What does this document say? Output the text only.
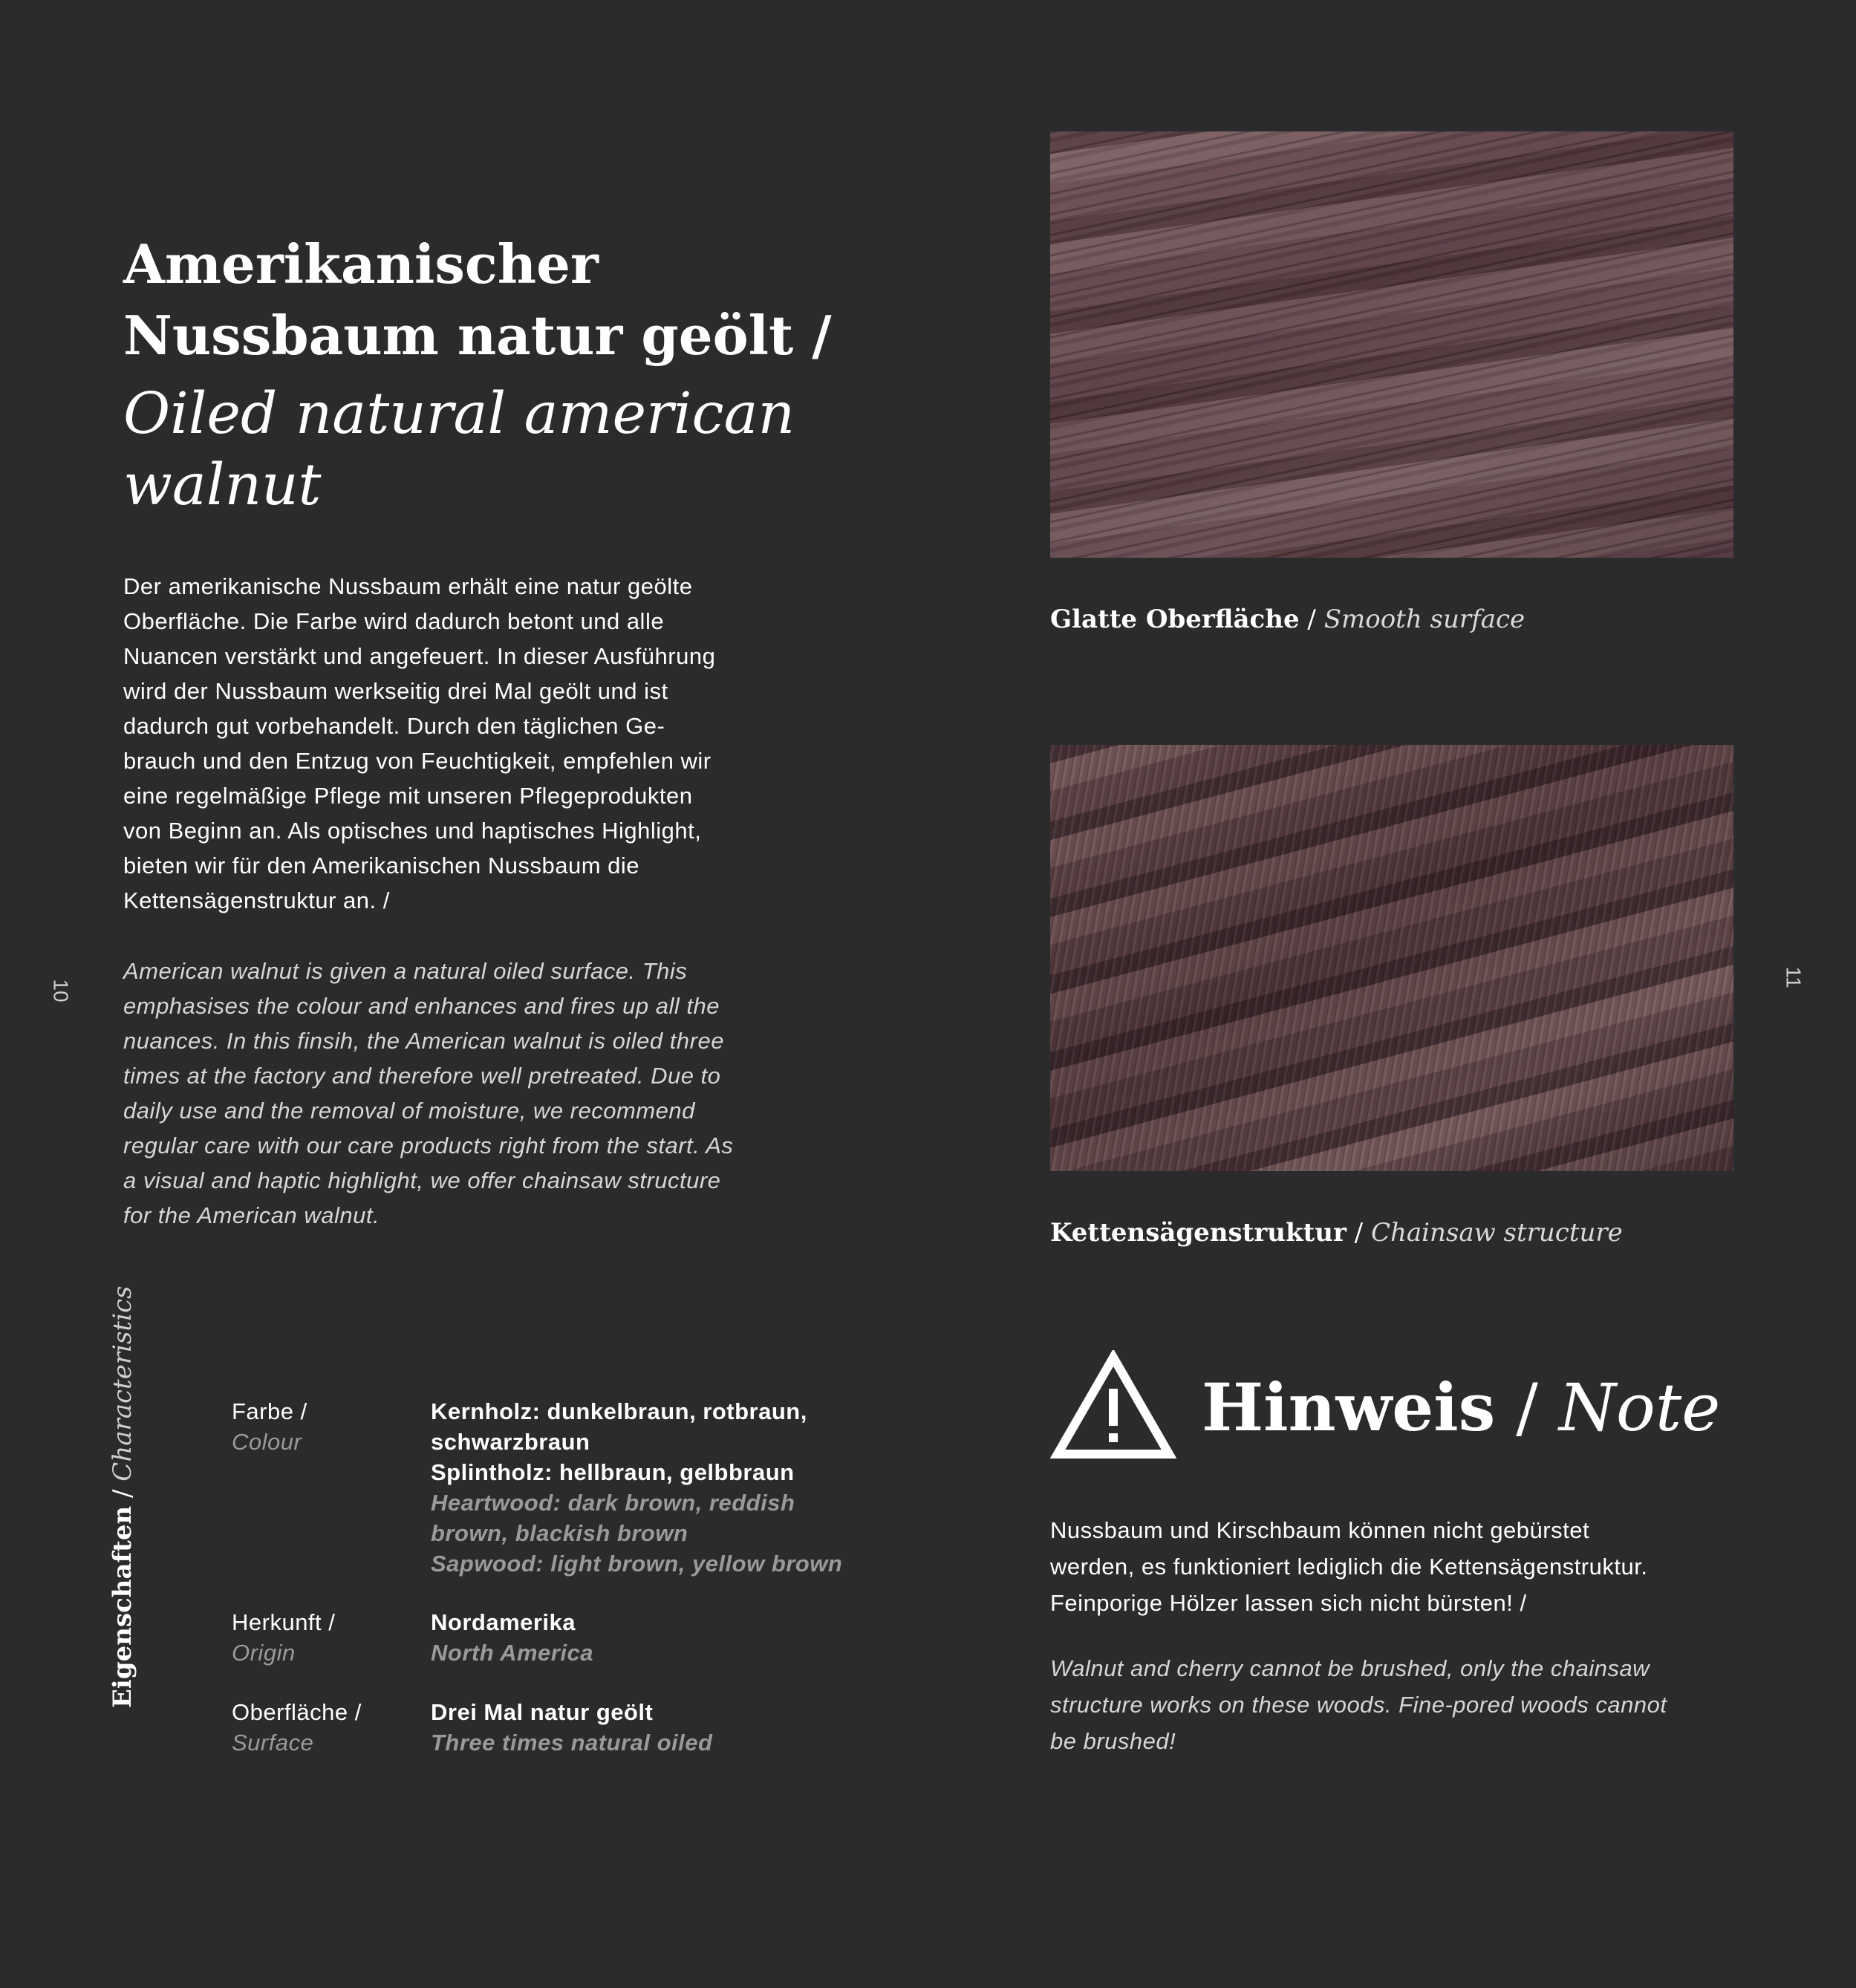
10
Amerikanischer
Nussbaum natur geölt /
Oiled natural american
walnut
Der amerikanische Nussbaum erhält eine natur geölte
Oberfläche. Die Farbe wird dadurch betont und alle
Nuancen verstärkt und angefeuert. In dieser Ausführung
wird der Nussbaum werkseitig drei Mal geölt und ist
dadurch gut vorbehandelt. Durch den täglichen Ge-
brauch und den Entzug von Feuchtigkeit, empfehlen wir
eine regelmäßige Pflege mit unseren Pflegeprodukten
von Beginn an. Als optisches und haptisches Highlight,
bieten wir für den Amerikanischen Nussbaum die
Kettensägenstruktur an. /
American walnut is given a natural oiled surface. This
emphasises the colour and enhances and fires up all the
nuances. In this finsih, the American walnut is oiled three
times at the factory and therefore well pretreated. Due to
daily use and the removal of moisture, we recommend
regular care with our care products right from the start. As
a visual and haptic highlight, we offer chainsaw structure
for the American walnut.
Eigenschaften / Characteristics	Farbe /
Colour
Kernholz: dunkelbraun, rotbraun,
schwarzbraun
Splintholz: hellbraun, gelbbraun
Heartwood: dark brown, reddish
brown, blackish brown
Sapwood: light brown, yellow brown
Herkunft /
Origin
Nordamerika
North America
Oberfläche /
Surface
Drei Mal natur geölt
Three times natural oiled
11
Glatte Oberfläche / Smooth surface
Kettensägenstruktur / Chainsaw structure
Hinweis / Note
Nussbaum und Kirschbaum können nicht gebürstet
werden, es funktioniert lediglich die Kettensägenstruktur.
Feinporige Hölzer lassen sich nicht bürsten! /
Walnut and cherry cannot be brushed, only the chainsaw
structure works on these woods. Fine-pored woods cannot
be brushed!
